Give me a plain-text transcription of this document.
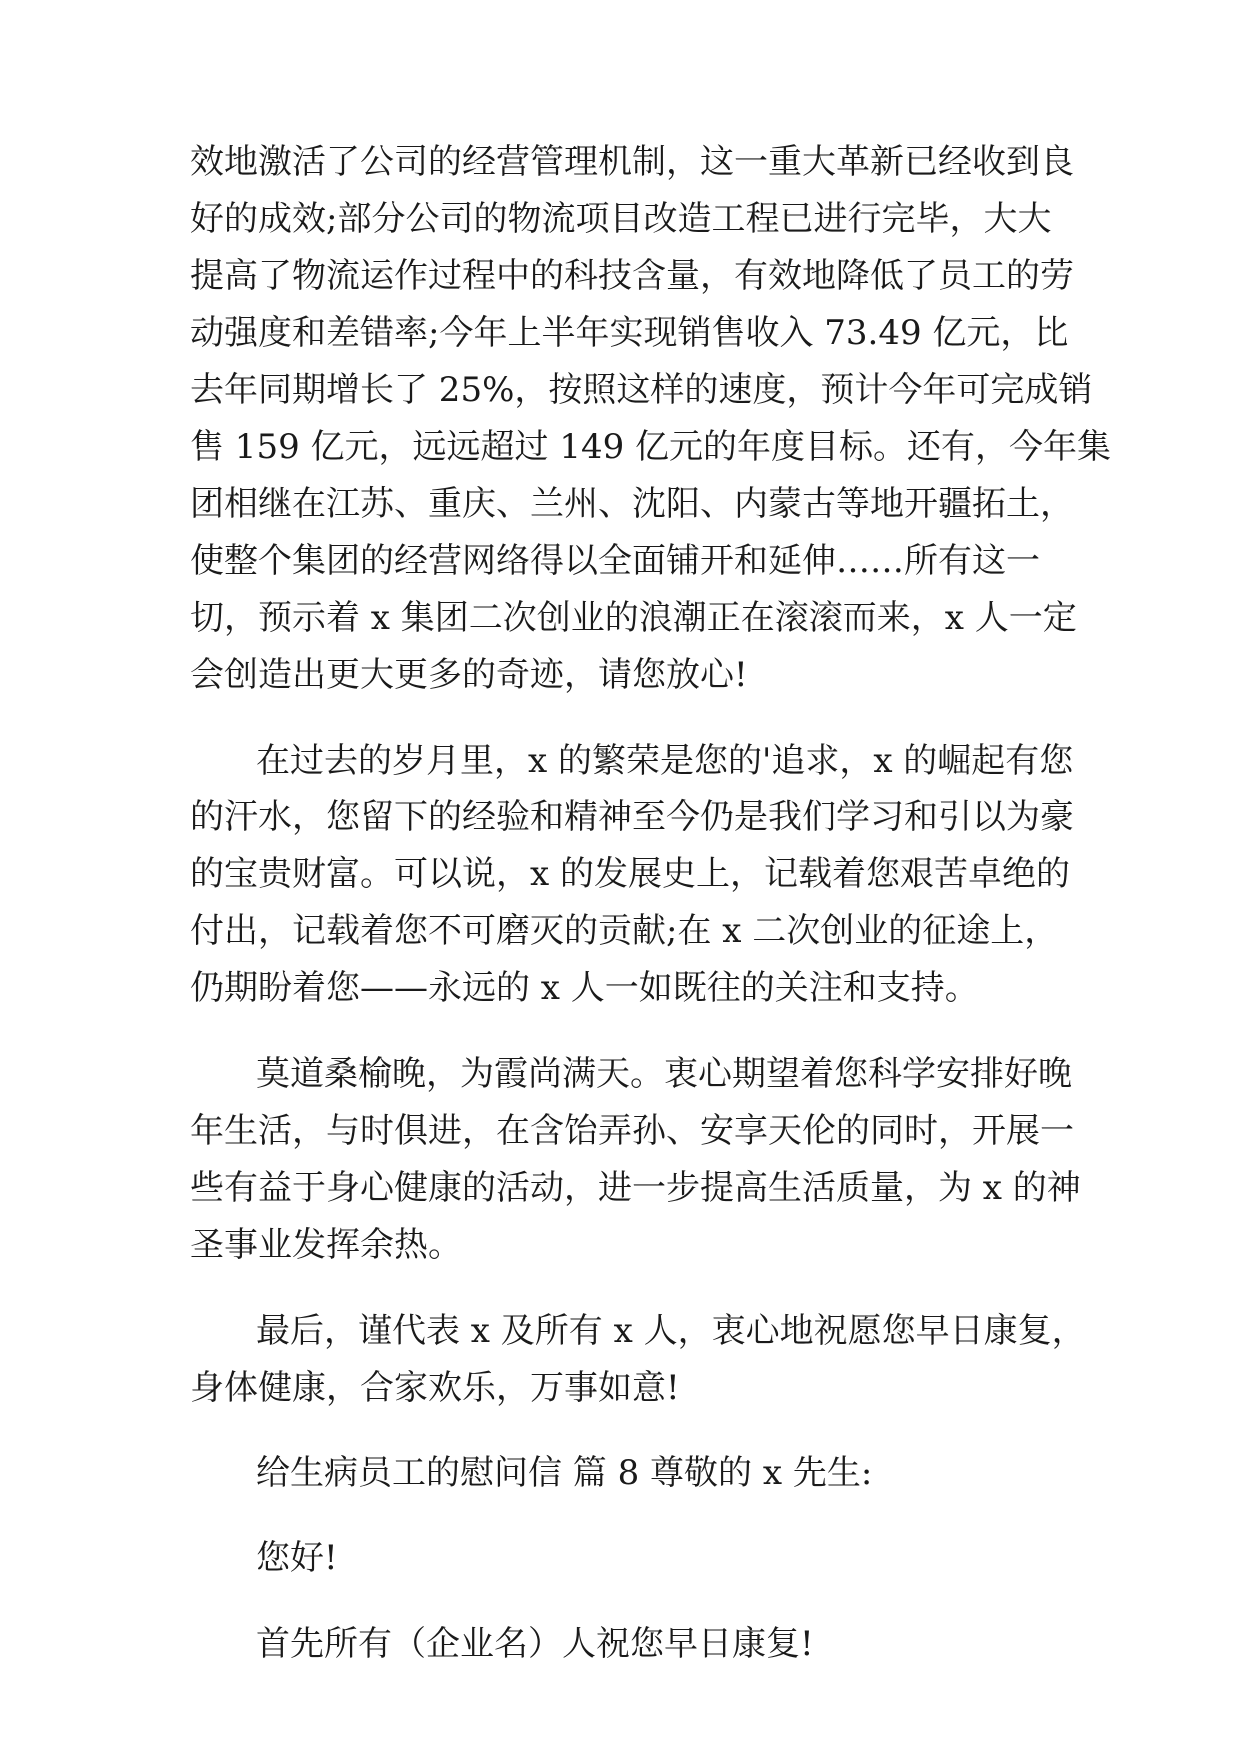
效地激活了公司的经营管理机制，这一重大革新已经收到良
好的成效;部分公司的物流项目改造工程已进行完毕，大大
提高了物流运作过程中的科技含量，有效地降低了员工的劳
动强度和差错率;今年上半年实现销售收入 73.49 亿元，比
去年同期增长了 25%，按照这样的速度，预计今年可完成销
售 159 亿元，远远超过 149 亿元的年度目标。还有，今年集
团相继在江苏、重庆、兰州、沈阳、内蒙古等地开疆拓土，
使整个集团的经营网络得以全面铺开和延伸……所有这一
切，预示着 x 集团二次创业的浪潮正在滚滚而来，x 人一定
会创造出更大更多的奇迹，请您放心!
在过去的岁月里，x 的繁荣是您的'追求，x 的崛起有您
的汗水，您留下的经验和精神至今仍是我们学习和引以为豪
的宝贵财富。可以说，x 的发展史上，记载着您艰苦卓绝的
付出，记载着您不可磨灭的贡献;在 x 二次创业的征途上，
仍期盼着您——永远的 x 人一如既往的关注和支持。
莫道桑榆晚，为霞尚满天。衷心期望着您科学安排好晚
年生活，与时俱进，在含饴弄孙、安享天伦的同时，开展一
些有益于身心健康的活动，进一步提高生活质量，为 x 的神
圣事业发挥余热。
最后，谨代表 x 及所有 x 人，衷心地祝愿您早日康复，
身体健康，合家欢乐，万事如意!
给生病员工的慰问信 篇 8 尊敬的 x 先生:
您好!
首先所有（企业名）人祝您早日康复!
